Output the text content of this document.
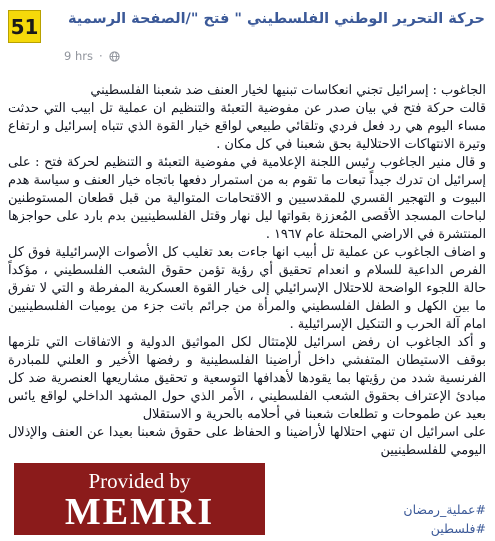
51 حركة التحرير الوطني الفلسطيني " فتح "/الصفحة الرسمية
9 hrs ·

الجاغوب : إسرائيل تجني انعكاسات تبنيها لخيار العنف ضد شعبنا الفلسطيني

قالت حركة فتح في بيان صدر عن مفوضية التعبئة والتنظيم ان عملية تل ابيب التي حدثت مساء اليوم هي رد فعل فردي وتلقائي طبيعي لواقع خيار القوة الذي تتباه إسرائيل و ارتفاع وتيرة الانتهاكات الاحتلالية بحق شعبنا في كل مكان .

و قال منير الجاغوب رئيس اللجنة الإعلامية في مفوضية التعبئة و التنظيم لحركة فتح : على إسرائيل ان تدرك جيداً تبعات ما تقوم به من استمرار دفعها باتجاه خيار العنف و سياسة هدم البيوت و التهجير القسري للمقدسيين و الاقتحامات المتوالية من قبل قطعان المستوطنين لباحات المسجد الأقصى المُعززة بقواتها ليل نهار وقتل الفلسطينيين بدم بارد على حواجزها المنتشرة في الاراضي المحتلة عام ١٩٦٧ .

و اضاف الجاغوب عن عملية تل أبيب انها جاءت بعد تغليب كل الأصوات الإسرائيلية فوق كل الفرص الداعية للسلام و انعدام تحقيق أي رؤية تؤمن حقوق الشعب الفلسطيني ، مؤكداً حالة اللجوء الواضحة للاحتلال الإسرائيلي إلى خيار القوة العسكرية المفرطة و التي لا تفرق ما بين الكهل و الطفل الفلسطيني والمرأة من جرائم باتت جزء من يوميات الفلسطينيين امام آلة الحرب و التنكيل الإسرائيلية .

و أكد الجاغوب ان رفض اسرائيل للإمتثال لكل المواثيق الدولية و الاتفاقات التي تلزمها بوقف الاستيطان المتفشي داخل أراضينا الفلسطينية و رفضها الأخير و العلني للمبادرة الفرنسية شدد من رؤيتها بما يقودها لأهدافها التوسعية و تحقيق مشاريعها العنصرية ضد كل مبادئ الإعتراف بحقوق الشعب الفلسطيني ، الأمر الذي حول المشهد الداخلي لواقع يائس بعيد عن طموحات و تطلعات شعبنا في أحلامه بالحرية و الاستقلال

على اسرائيل ان تنهي احتلالها لأراضينا و الحفاظ على حقوق شعبنا بعيدا عن العنف والإذلال اليومي للفلسطينيين

#عملية_رمضان
#فلسطين
Provided by
MEMRI
